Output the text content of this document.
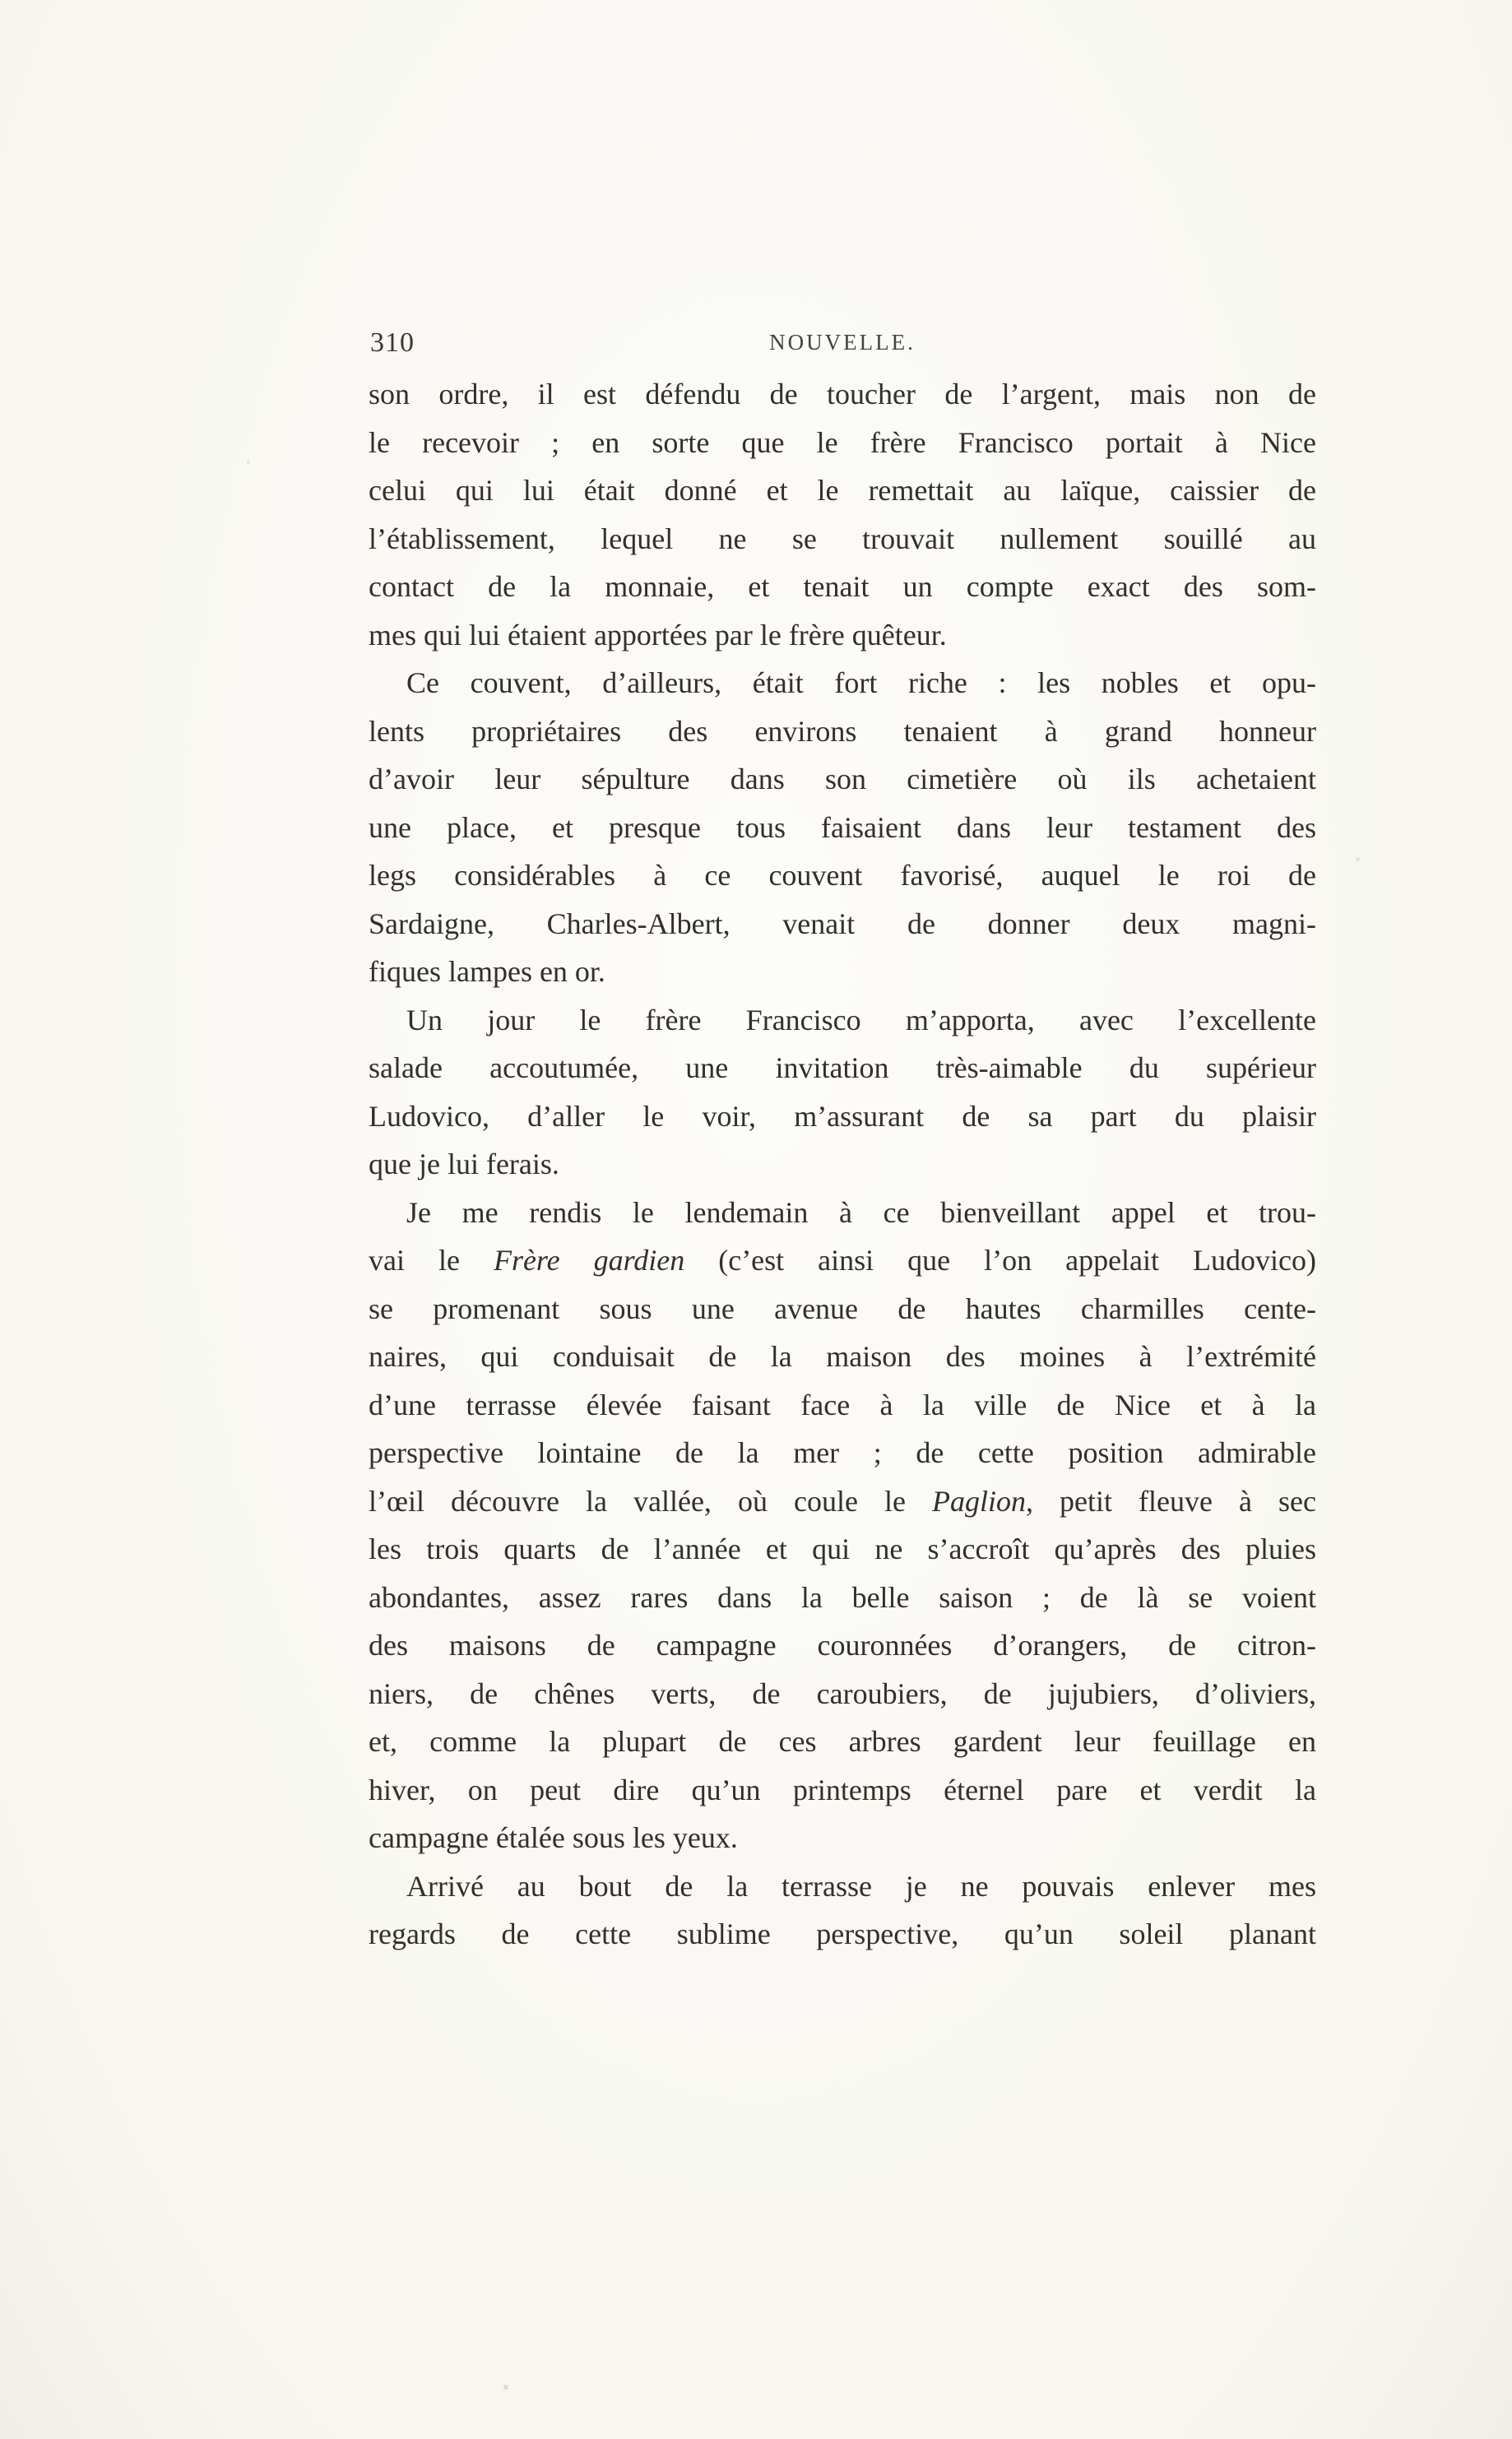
310	NOUVELLE.
son ordre, il est défendu de toucher de l’argent, mais non de
le recevoir ; en sorte que le frère Francisco portait à Nice
celui qui lui était donné et le remettait au laïque, caissier de
l’établissement, lequel ne se trouvait nullement souillé au
contact de la monnaie, et tenait un compte exact des som-
mes qui lui étaient apportées par le frère quêteur.
Ce couvent, d’ailleurs, était fort riche : les nobles et opu-
lents propriétaires des environs tenaient à grand honneur
d’avoir leur sépulture dans son cimetière où ils achetaient
une place, et presque tous faisaient dans leur testament des
legs considérables à ce couvent favorisé, auquel le roi de
Sardaigne, Charles-Albert, venait de donner deux magni-
fiques lampes en or.
Un jour le frère Francisco m’apporta, avec l’excellente
salade accoutumée, une invitation très-aimable du supérieur
Ludovico, d’aller le voir, m’assurant de sa part du plaisir
que je lui ferais.
Je me rendis le lendemain à ce bienveillant appel et trou-
vai le Frère gardien (c’est ainsi que l’on appelait Ludovico)
se promenant sous une avenue de hautes charmilles cente-
naires, qui conduisait de la maison des moines à l’extrémité
d’une terrasse élevée faisant face à la ville de Nice et à la
perspective lointaine de la mer ; de cette position admirable
l’œil découvre la vallée, où coule le Paglion, petit fleuve à sec
les trois quarts de l’année et qui ne s’accroît qu’après des pluies
abondantes, assez rares dans la belle saison ; de là se voient
des maisons de campagne couronnées d’orangers, de citron-
niers, de chênes verts, de caroubiers, de jujubiers, d’oliviers,
et, comme la plupart de ces arbres gardent leur feuillage en
hiver, on peut dire qu’un printemps éternel pare et verdit la
campagne étalée sous les yeux.
Arrivé au bout de la terrasse je ne pouvais enlever mes
regards de cette sublime perspective, qu’un soleil planant
